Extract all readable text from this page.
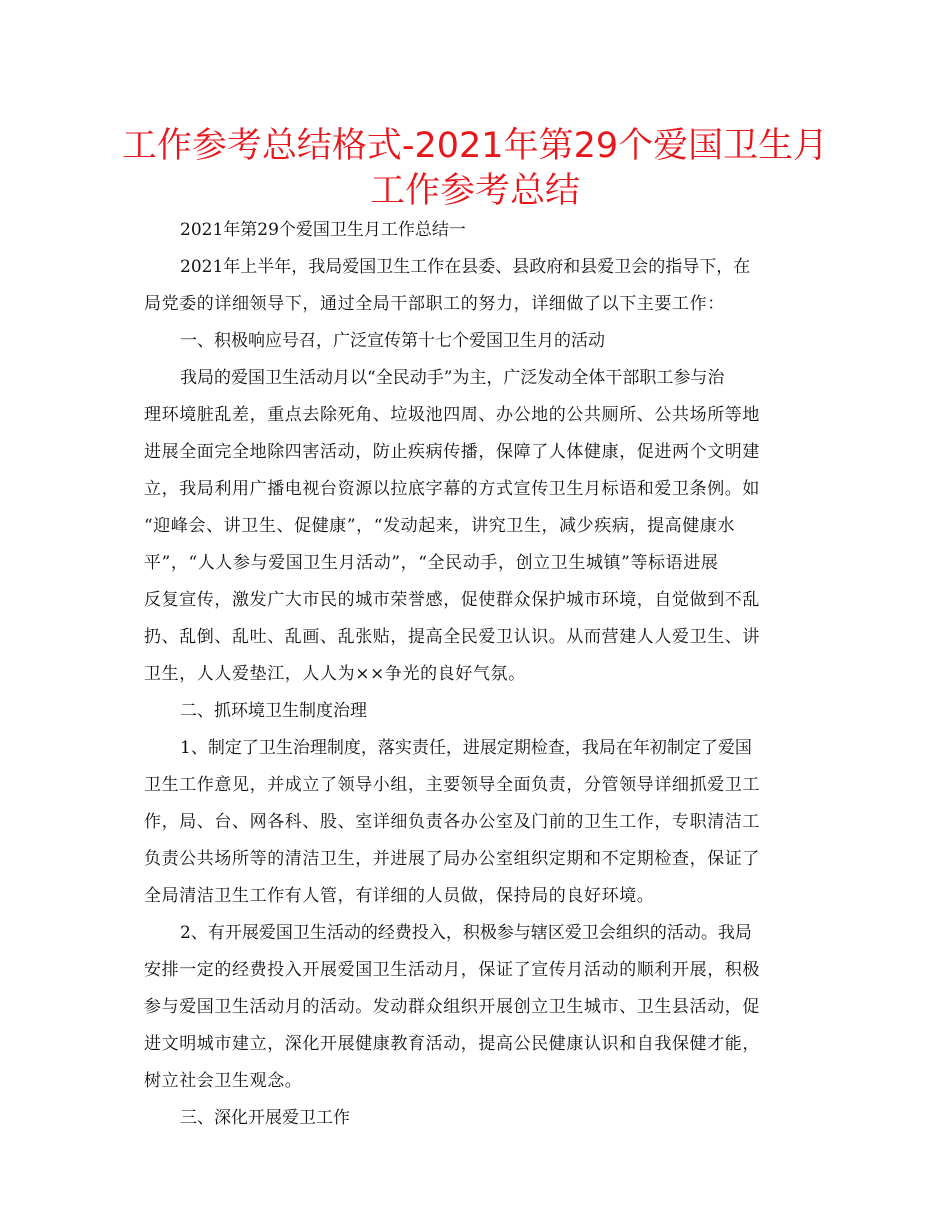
工作参考总结格式-2021年第29个爱国卫生月
工作参考总结
2021年第29个爱国卫生月工作总结一
2021年上半年，我局爱国卫生工作在县委、县政府和县爱卫会的指导下，在
局党委的详细领导下，通过全局干部职工的努力，详细做了以下主要工作：
一、积极响应号召，广泛宣传第十七个爱国卫生月的活动
我局的爱国卫生活动月以“全民动手”为主，广泛发动全体干部职工参与治
理环境脏乱差，重点去除死角、垃圾池四周、办公地的公共厕所、公共场所等地
进展全面完全地除四害活动，防止疾病传播，保障了人体健康，促进两个文明建
立，我局利用广播电视台资源以拉底字幕的方式宣传卫生月标语和爱卫条例。如
“迎峰会、讲卫生、促健康”，“发动起来，讲究卫生，减少疾病，提高健康水
平”，“人人参与爱国卫生月活动”，“全民动手，创立卫生城镇”等标语进展
反复宣传，激发广大市民的城市荣誉感，促使群众保护城市环境，自觉做到不乱
扔、乱倒、乱吐、乱画、乱张贴，提高全民爱卫认识。从而营建人人爱卫生、讲
卫生，人人爱垫江，人人为××争光的良好气氛。
二、抓环境卫生制度治理
1、制定了卫生治理制度，落实责任，进展定期检查，我局在年初制定了爱国
卫生工作意见，并成立了领导小组，主要领导全面负责，分管领导详细抓爱卫工
作，局、台、网各科、股、室详细负责各办公室及门前的卫生工作，专职清洁工
负责公共场所等的清洁卫生，并进展了局办公室组织定期和不定期检查，保证了
全局清洁卫生工作有人管，有详细的人员做，保持局的良好环境。
2、有开展爱国卫生活动的经费投入，积极参与辖区爱卫会组织的活动。我局
安排一定的经费投入开展爱国卫生活动月，保证了宣传月活动的顺利开展，积极
参与爱国卫生活动月的活动。发动群众组织开展创立卫生城市、卫生县活动，促
进文明城市建立，深化开展健康教育活动，提高公民健康认识和自我保健才能，
树立社会卫生观念。
三、深化开展爱卫工作
